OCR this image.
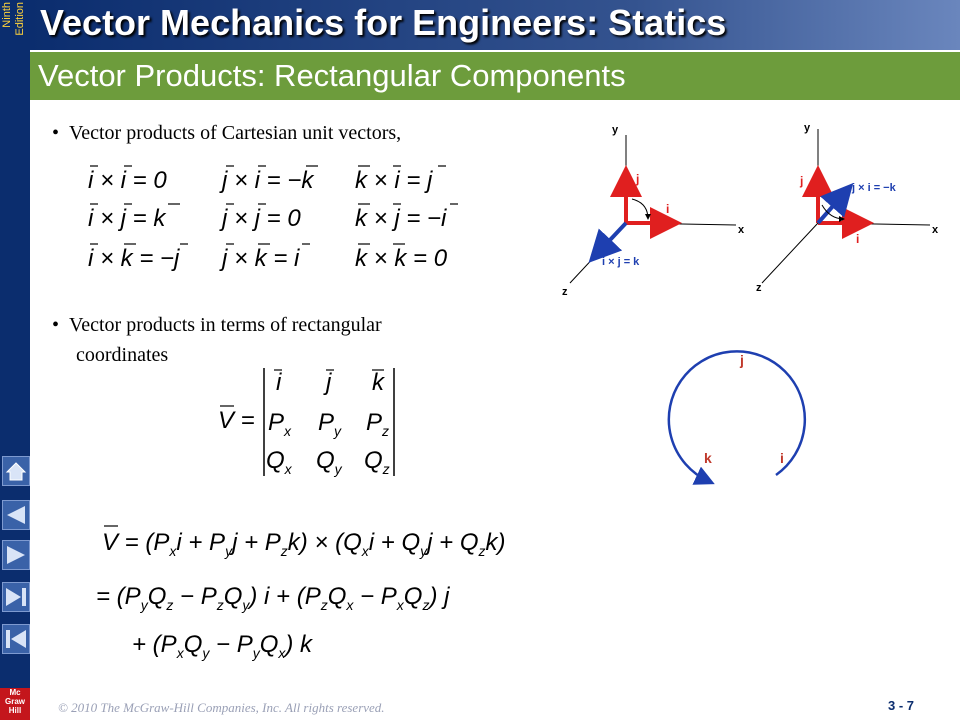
Ninth Edition Vector Mechanics for Engineers: Statics
Vector Products: Rectangular Components
•  Vector products of Cartesian unit vectors,
i × i = 0 j × i = −k k × i = j
i × j = k j × j = 0 k × j = −i
i × k = −j j × k = i k × k = 0
y
x
z
j
i
i × j = k
y
x
z
j
i
j × i = −k
•  Vector products in terms of rectangular
coordinates
V =
i j k
$P_x$ $P_y$ $P_z$
$Q_x$ $Q_y$ $Q_z$
j
k	i
$V = (P_xi + P_yj + P_zk) \times (Q_xi + Q_yj + Q_zk)$
= $(P_yQ_z - P_zQ_y) i + (P_zQ_x - P_xQ_z)$ j
+ $(P_xQ_y - P_yQ_x)$ k
Mc
Graw
Hill	© 2010 The McGraw-Hill Companies, Inc. All rights reserved.	3 - 7
